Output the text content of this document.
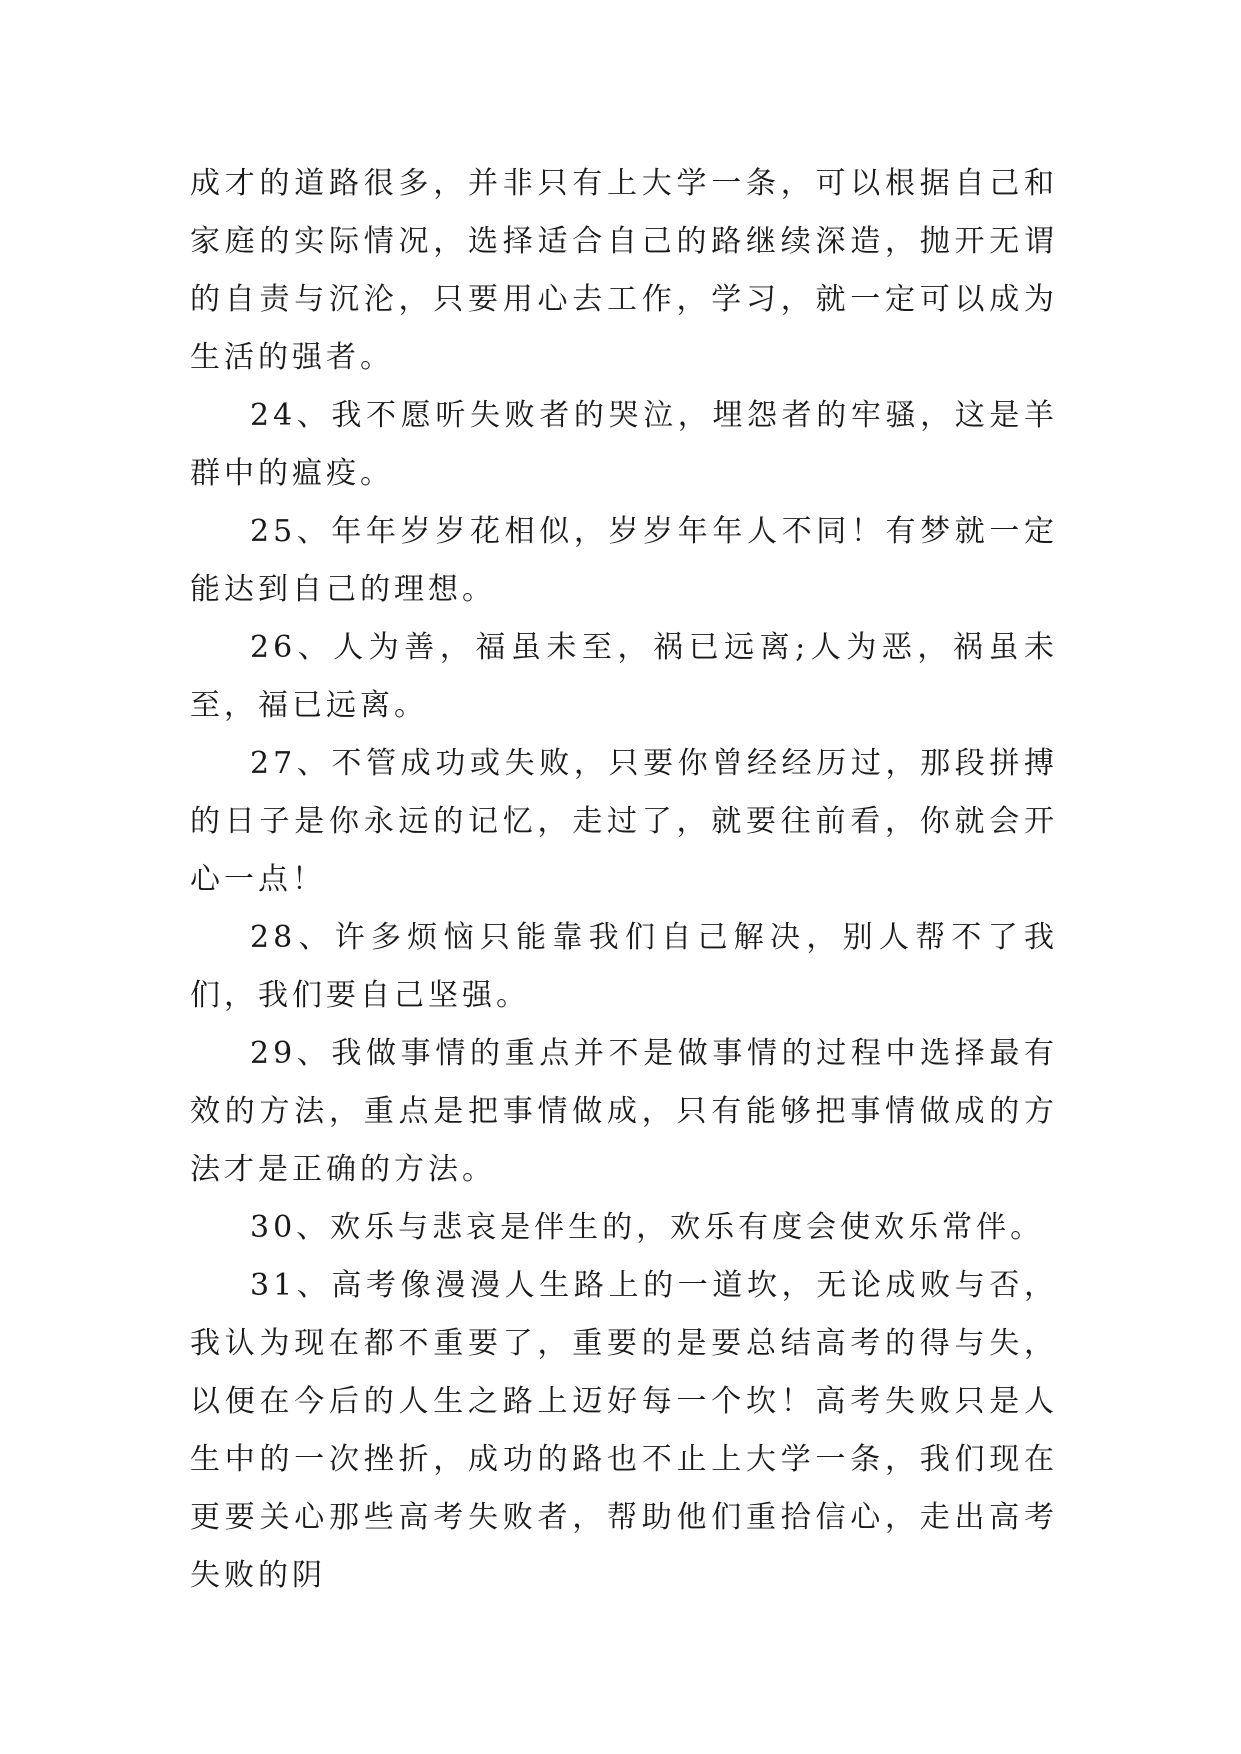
成才的道路很多，并非只有上大学一条，可以根据自己和家庭的实际情况，选择适合自己的路继续深造，抛开无谓的自责与沉沦，只要用心去工作，学习，就一定可以成为生活的强者。

24、我不愿听失败者的哭泣，埋怨者的牢骚，这是羊群中的瘟疫。

25、年年岁岁花相似，岁岁年年人不同！有梦就一定能达到自己的理想。

26、人为善，福虽未至，祸已远离;人为恶，祸虽未至，福已远离。

27、不管成功或失败，只要你曾经经历过，那段拼搏的日子是你永远的记忆，走过了，就要往前看，你就会开心一点！

28、许多烦恼只能靠我们自己解决，别人帮不了我们，我们要自己坚强。

29、我做事情的重点并不是做事情的过程中选择最有效的方法，重点是把事情做成，只有能够把事情做成的方法才是正确的方法。

30、欢乐与悲哀是伴生的，欢乐有度会使欢乐常伴。

31、高考像漫漫人生路上的一道坎，无论成败与否，我认为现在都不重要了，重要的是要总结高考的得与失，以便在今后的人生之路上迈好每一个坎！高考失败只是人生中的一次挫折，成功的路也不止上大学一条，我们现在更要关心那些高考失败者，帮助他们重拾信心，走出高考失败的阴
